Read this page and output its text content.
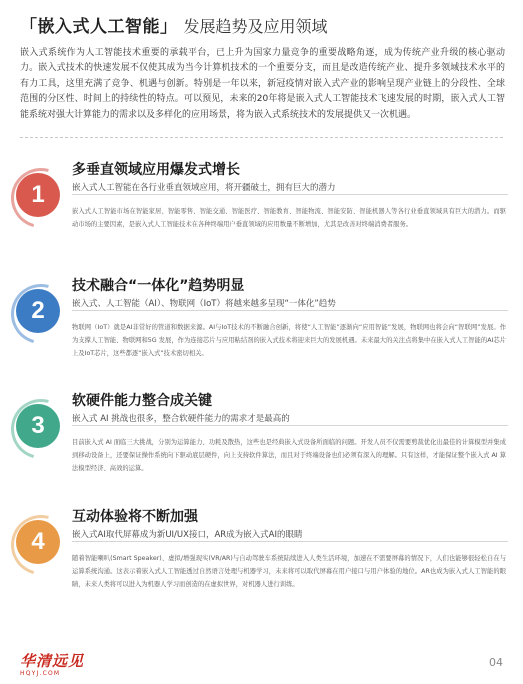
「嵌入式人工智能」 发展趋势及应用领域

嵌入式系统作为人工智能技术重要的承载平台，已上升为国家力量竞争的重要战略角逐，成为传统产业升级的核心驱动力。嵌入式技术的快速发展不仅使其成为当今计算机技术的一个重要分支，而且是改造传统产业、提升多领域技术水平的有力工具，这里充满了竞争、机遇与创新。特别是一年以来，新冠疫情对嵌入式产业的影响呈现产业链上的分段性、全球范围的分区性、时间上的持续性的特点。可以预见，未来的20年将是嵌入式人工智能技术飞速发展的时期，嵌入式人工智能系统对强大计算能力的需求以及多样化的应用场景，将为嵌入式系统技术的发展提供又一次机遇。

1
多垂直领域应用爆发式增长
嵌入式人工智能在各行业垂直领域应用，将开疆破土，拥有巨大的潜力

嵌入式人工智能市场在智能家居、智能零售、智能交通、智能医疗、智能教育、智能物流、智能安防、智能机器人等各行业垂直领域具有巨大的潜力。而驱动市场的主要因素，是嵌入式人工智能技术在各种终端用户垂直领域的应用数量不断增加，尤其是改善对终端消费者服务。

2
技术融合“一体化”趋势明显
嵌入式、人工智能（AI）、物联网（IoT）将越来越多呈现“一体化”趋势

物联网（IoT）就是AI非常好的管道和数据来源。AI与IoT技术的不断融合创新，将使“人工智能”逐渐向“应用智能”发展，物联网也将会向“智联网”发展。作为支撑人工智能、物联网和5G 发展，作为连接芯片与应用粘结剂的嵌入式技术将迎来巨大的发展机遇。未来最大的关注点将集中在嵌入式人工智能的AI芯片上及IoT芯片，这些都逐“嵌入式”技术密切相关。

3
软硬件能力整合成关键
嵌入式 AI 挑战也很多，整合软硬件能力的需求才是最高的

目前嵌入式 AI 面临三大挑战，分别为运算能力、功耗及散热，这些也是经典嵌入式设备所面临的问题。开发人员不仅需要剪裁优化出最佳的计算模型并集成到移动设备上，还要保证操作系统向下驱动底层硬件，向上支持软件算法，而且对于终端设备也们必须有深入的理解。只有这样，才能保证整个嵌入式 AI 算法模型经济、高效的运算。

4
互动体验将不断加强
嵌入式AI取代屏幕成为新UI/UX接口，AR成为嵌入式AI的眼睛

随着智能喇叭(Smart Speaker)、虚拟/增强现实(VR/AR)与自动驾驶车系统陆续进入人类生活环境，加速在不需要屏幕的情况下，人们也能够很轻松自在与运算系统沟通。这表示着嵌入式人工智能透过自然语言处理与机器学习，未来将可以取代屏幕在用户接口与用户体验的地位。AR也成为嵌入式人工智能的眼睛，未来人类将可以进入为机器人学习而创造的在虚拟世界，对机器人进行训练。

华清远见
HQYJ.COM
04
